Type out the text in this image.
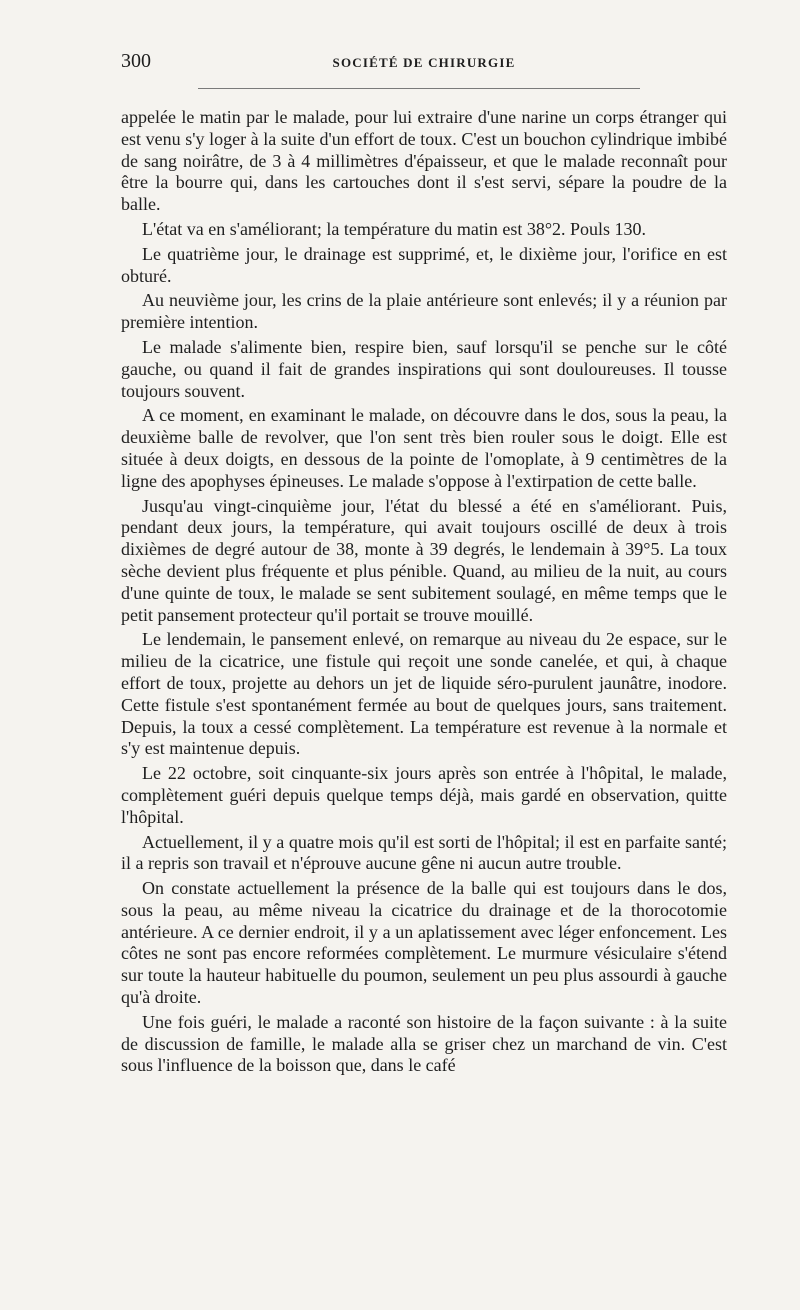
300	SOCIÉTÉ DE CHIRURGIE

appelée le matin par le malade, pour lui extraire d'une narine un corps étranger qui est venu s'y loger à la suite d'un effort de toux. C'est un bouchon cylindrique imbibé de sang noirâtre, de 3 à 4 millimètres d'épaisseur, et que le malade reconnaît pour être la bourre qui, dans les cartouches dont il s'est servi, sépare la poudre de la balle.

L'état va en s'améliorant; la température du matin est 38°2. Pouls 130.

Le quatrième jour, le drainage est supprimé, et, le dixième jour, l'orifice en est obturé.

Au neuvième jour, les crins de la plaie antérieure sont enlevés; il y a réunion par première intention.

Le malade s'alimente bien, respire bien, sauf lorsqu'il se penche sur le côté gauche, ou quand il fait de grandes inspirations qui sont douloureuses. Il tousse toujours souvent.

A ce moment, en examinant le malade, on découvre dans le dos, sous la peau, la deuxième balle de revolver, que l'on sent très bien rouler sous le doigt. Elle est située à deux doigts, en dessous de la pointe de l'omoplate, à 9 centimètres de la ligne des apophyses épineuses. Le malade s'oppose à l'extirpation de cette balle.

Jusqu'au vingt-cinquième jour, l'état du blessé a été en s'améliorant. Puis, pendant deux jours, la température, qui avait toujours oscillé de deux à trois dixièmes de degré autour de 38, monte à 39 degrés, le lendemain à 39°5. La toux sèche devient plus fréquente et plus pénible. Quand, au milieu de la nuit, au cours d'une quinte de toux, le malade se sent subitement soulagé, en même temps que le petit pansement protecteur qu'il portait se trouve mouillé.

Le lendemain, le pansement enlevé, on remarque au niveau du 2e espace, sur le milieu de la cicatrice, une fistule qui reçoit une sonde canelée, et qui, à chaque effort de toux, projette au dehors un jet de liquide séro-purulent jaunâtre, inodore. Cette fistule s'est spontanément fermée au bout de quelques jours, sans traitement. Depuis, la toux a cessé complètement. La température est revenue à la normale et s'y est maintenue depuis.

Le 22 octobre, soit cinquante-six jours après son entrée à l'hôpital, le malade, complètement guéri depuis quelque temps déjà, mais gardé en observation, quitte l'hôpital.

Actuellement, il y a quatre mois qu'il est sorti de l'hôpital; il est en parfaite santé; il a repris son travail et n'éprouve aucune gêne ni aucun autre trouble.

On constate actuellement la présence de la balle qui est toujours dans le dos, sous la peau, au même niveau la cicatrice du drainage et de la thorocotomie antérieure. A ce dernier endroit, il y a un aplatissement avec léger enfoncement. Les côtes ne sont pas encore reformées complètement. Le murmure vésiculaire s'étend sur toute la hauteur habituelle du poumon, seulement un peu plus assourdi à gauche qu'à droite.

Une fois guéri, le malade a raconté son histoire de la façon suivante : à la suite de discussion de famille, le malade alla se griser chez un marchand de vin. C'est sous l'influence de la boisson que, dans le café
